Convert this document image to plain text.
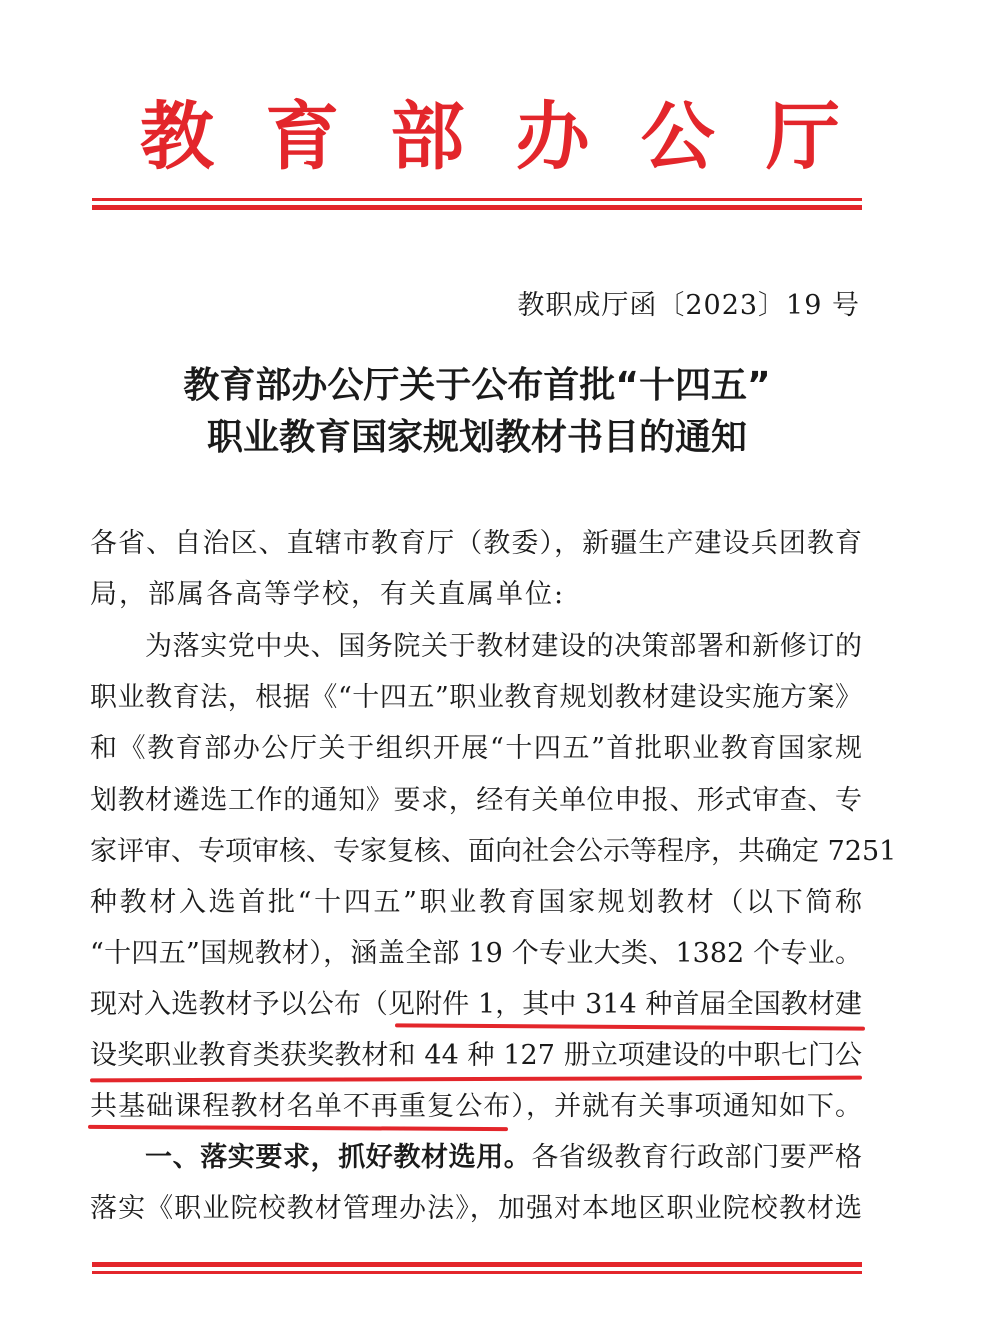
教 育 部 办 公 厅
教职成厅函〔2023〕19 号
教育部办公厅关于公布首批“十四五”
职业教育国家规划教材书目的通知
各省、自治区、直辖市教育厅（教委），新疆生产建设兵团教育
局，部属各高等学校，有关直属单位:
为落实党中央、国务院关于教材建设的决策部署和新修订的
职业教育法，根据《“十四五”职业教育规划教材建设实施方案》
和《教育部办公厅关于组织开展“十四五”首批职业教育国家规
划教材遴选工作的通知》要求，经有关单位申报、形式审查、专
家评审、专项审核、专家复核、面向社会公示等程序，共确定 7251
种教材入选首批“十四五”职业教育国家规划教材（以下简称
“十四五”国规教材），涵盖全部 19 个专业大类、1382 个专业。
现对入选教材予以公布（见附件 1，其中 314 种首届全国教材建
设奖职业教育类获奖教材和 44 种 127 册立项建设的中职七门公
共基础课程教材名单不再重复公布），并就有关事项通知如下。
一、落实要求，抓好教材选用。各省级教育行政部门要严格
落实《职业院校教材管理办法》，加强对本地区职业院校教材选
